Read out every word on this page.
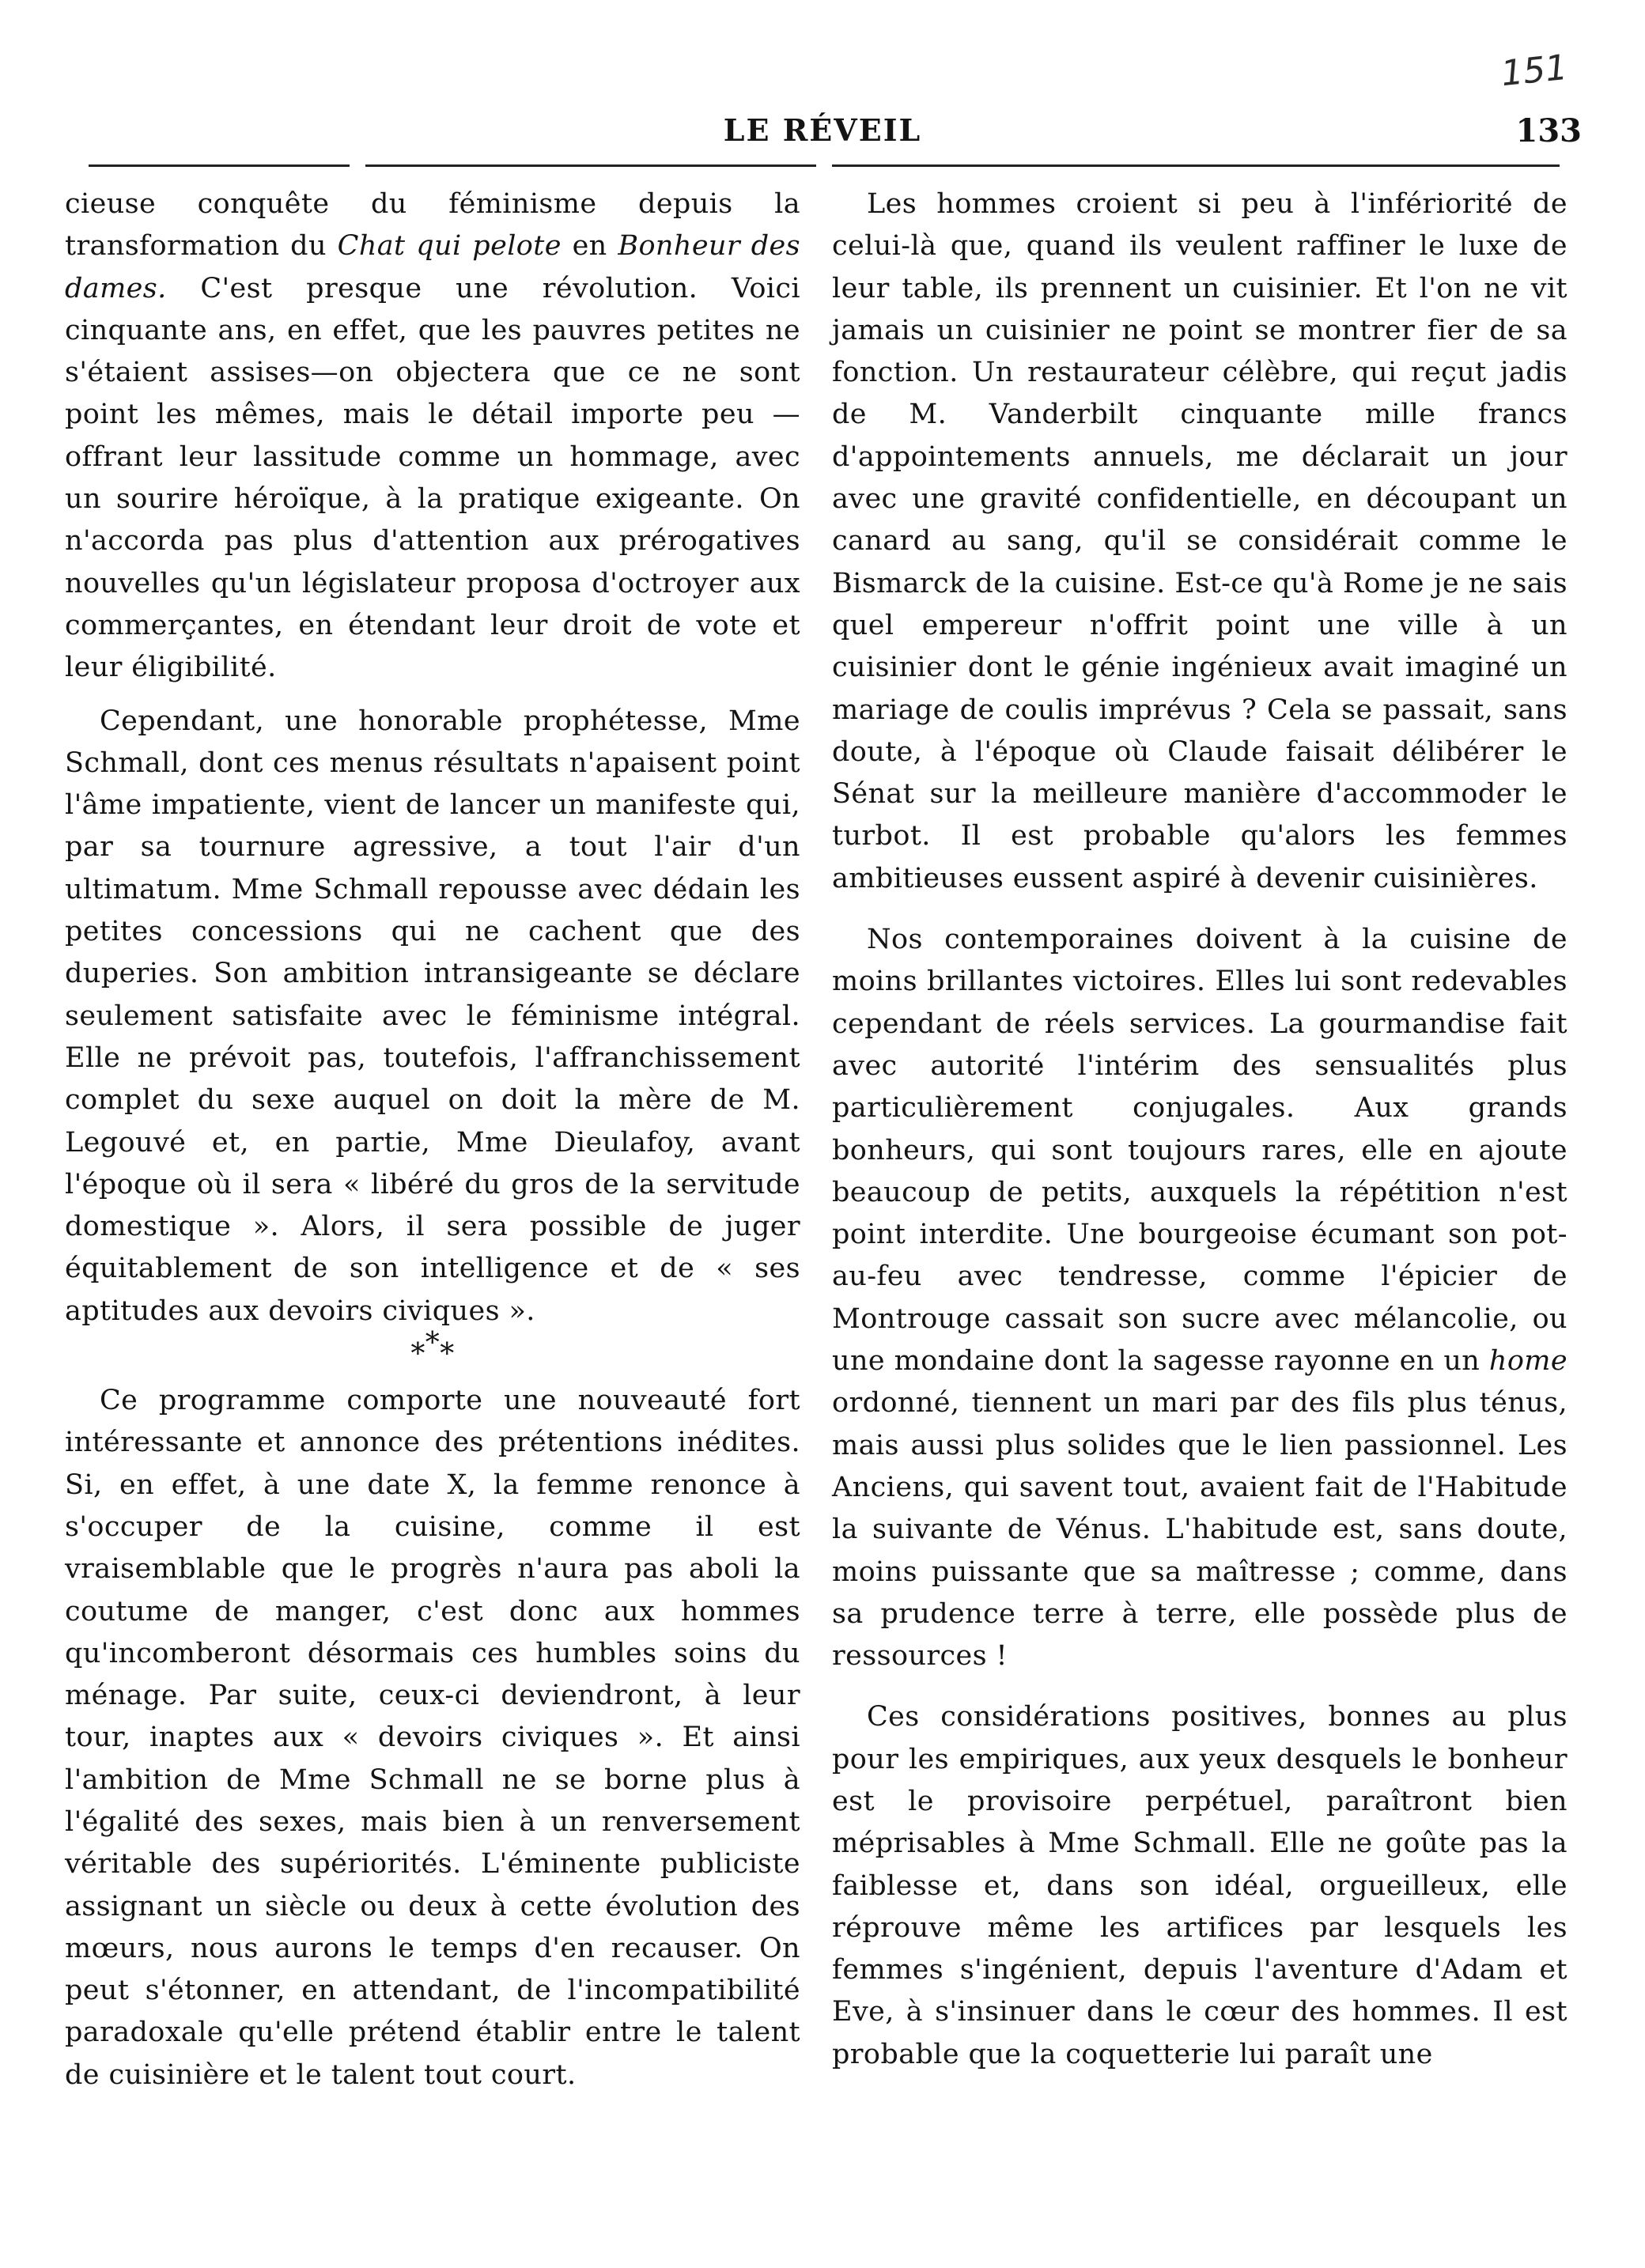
151
LE RÉVEIL	133

cieuse conquête du féminisme depuis la transformation du Chat qui pelote en Bonheur des dames. C'est presque une révolution. Voici cinquante ans, en effet, que les pauvres petites ne s'étaient assises—on objectera que ce ne sont point les mêmes, mais le détail importe peu — offrant leur lassitude comme un hommage, avec un sourire héroïque, à la pratique exigeante. On n'accorda pas plus d'attention aux prérogatives nouvelles qu'un législateur proposa d'octroyer aux commerçantes, en étendant leur droit de vote et leur éligibilité.

Cependant, une honorable prophétesse, Mme Schmall, dont ces menus résultats n'apaisent point l'âme impatiente, vient de lancer un manifeste qui, par sa tournure agressive, a tout l'air d'un ultimatum. Mme Schmall repousse avec dédain les petites concessions qui ne cachent que des duperies. Son ambition intransigeante se déclare seulement satisfaite avec le féminisme intégral. Elle ne prévoit pas, toutefois, l'affranchissement complet du sexe auquel on doit la mère de M. Legouvé et, en partie, Mme Dieulafoy, avant l'époque où il sera « libéré du gros de la servitude domestique ». Alors, il sera possible de juger équitablement de son intelligence et de « ses aptitudes aux devoirs civiques ».

***

Ce programme comporte une nouveauté fort intéressante et annonce des prétentions inédites. Si, en effet, à une date X, la femme renonce à s'occuper de la cuisine, comme il est vraisemblable que le progrès n'aura pas aboli la coutume de manger, c'est donc aux hommes qu'incomberont désormais ces humbles soins du ménage. Par suite, ceux-ci deviendront, à leur tour, inaptes aux « devoirs civiques ». Et ainsi l'ambition de Mme Schmall ne se borne plus à l'égalité des sexes, mais bien à un renversement véritable des supériorités. L'éminente publiciste assignant un siècle ou deux à cette évolution des mœurs, nous aurons le temps d'en recauser. On peut s'étonner, en attendant, de l'incompatibilité paradoxale qu'elle prétend établir entre le talent de cuisinière et le talent tout court.

Les hommes croient si peu à l'infériorité de celui-là que, quand ils veulent raffiner le luxe de leur table, ils prennent un cuisinier. Et l'on ne vit jamais un cuisinier ne point se montrer fier de sa fonction. Un restaurateur célèbre, qui reçut jadis de M. Vanderbilt cinquante mille francs d'appointements annuels, me déclarait un jour avec une gravité confidentielle, en découpant un canard au sang, qu'il se considérait comme le Bismarck de la cuisine. Est-ce qu'à Rome je ne sais quel empereur n'offrit point une ville à un cuisinier dont le génie ingénieux avait imaginé un mariage de coulis imprévus ? Cela se passait, sans doute, à l'époque où Claude faisait délibérer le Sénat sur la meilleure manière d'accommoder le turbot. Il est probable qu'alors les femmes ambitieuses eussent aspiré à devenir cuisinières.

Nos contemporaines doivent à la cuisine de moins brillantes victoires. Elles lui sont redevables cependant de réels services. La gourmandise fait avec autorité l'intérim des sensualités plus particulièrement conjugales. Aux grands bonheurs, qui sont toujours rares, elle en ajoute beaucoup de petits, auxquels la répétition n'est point interdite. Une bourgeoise écumant son pot-au-feu avec tendresse, comme l'épicier de Montrouge cassait son sucre avec mélancolie, ou une mondaine dont la sagesse rayonne en un home ordonné, tiennent un mari par des fils plus ténus, mais aussi plus solides que le lien passionnel. Les Anciens, qui savent tout, avaient fait de l'Habitude la suivante de Vénus. L'habitude est, sans doute, moins puissante que sa maîtresse ; comme, dans sa prudence terre à terre, elle possède plus de ressources !

Ces considérations positives, bonnes au plus pour les empiriques, aux yeux desquels le bonheur est le provisoire perpétuel, paraîtront bien méprisables à Mme Schmall. Elle ne goûte pas la faiblesse et, dans son idéal, orgueilleux, elle réprouve même les artifices par lesquels les femmes s'ingénient, depuis l'aventure d'Adam et Eve, à s'insinuer dans le cœur des hommes. Il est probable que la coquetterie lui paraît une
